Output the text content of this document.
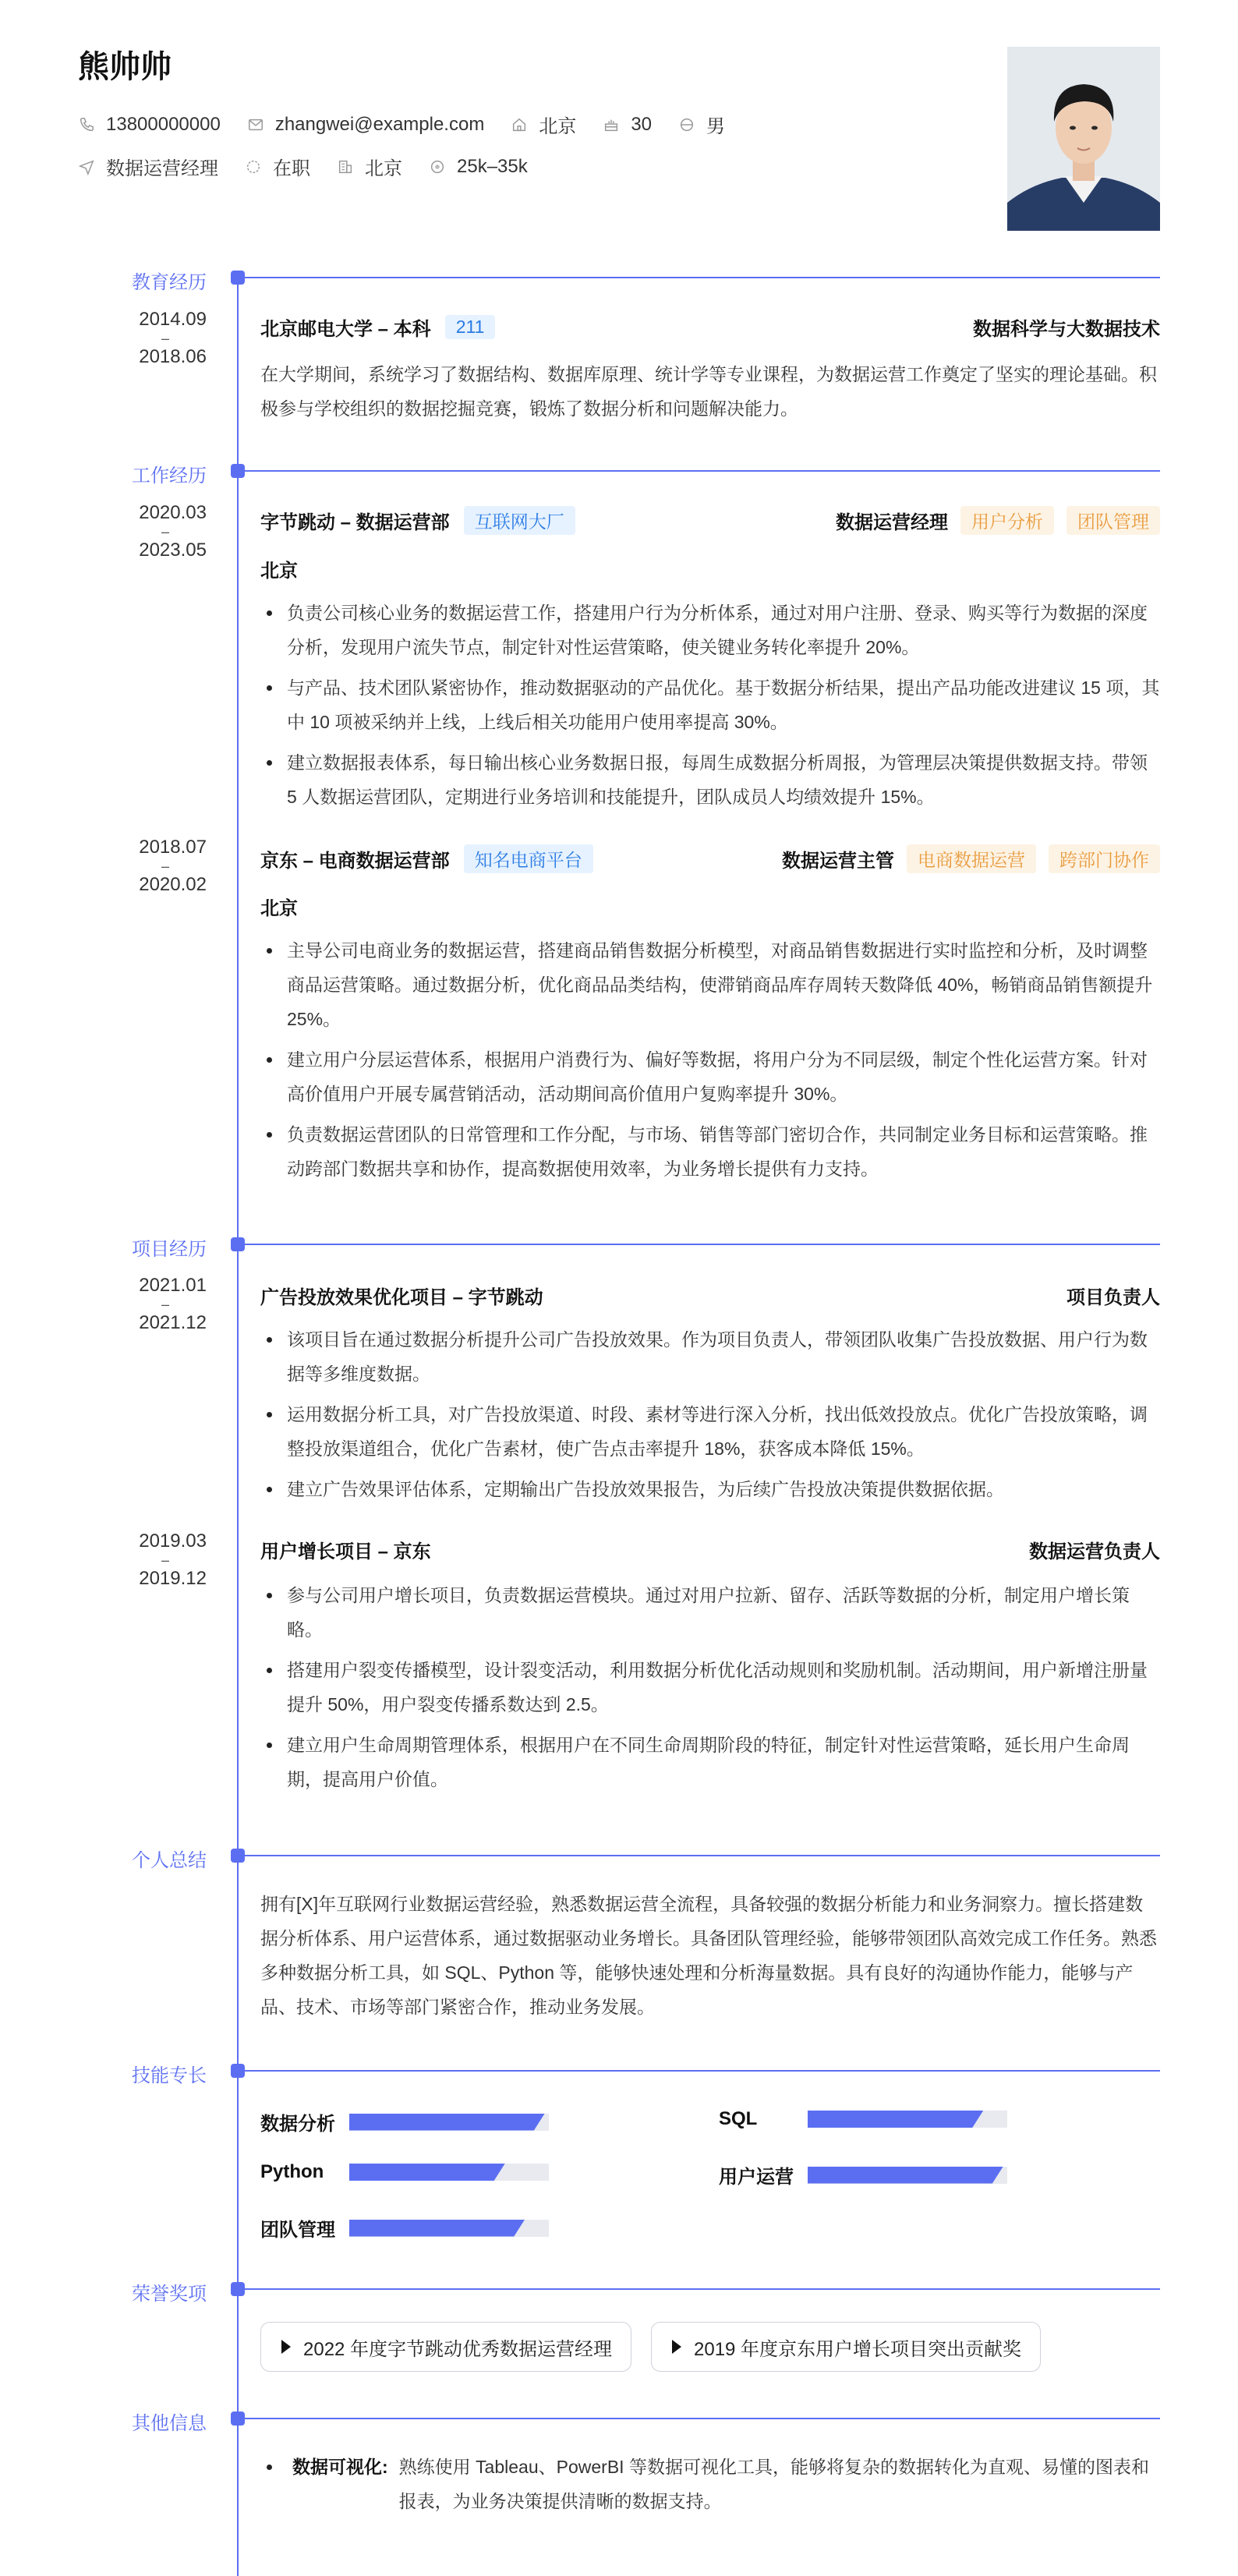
熊帅帅
13800000000	zhangwei@example.com	北京	30	男
数据运营经理	在职	北京	25k–35k
教育经历
2014.09
–
2018.06
北京邮电大学 – 本科	211	数据科学与大数据技术
在大学期间，系统学习了数据结构、数据库原理、统计学等专业课程，为数据运营工作奠定了坚实的理论基础。积极参与学校组织的数据挖掘竞赛，锻炼了数据分析和问题解决能力。
工作经历
2020.03
–
2023.05
字节跳动 – 数据运营部	互联网大厂	数据运营经理	用户分析	团队管理
北京
负责公司核心业务的数据运营工作，搭建用户行为分析体系，通过对用户注册、登录、购买等行为数据的深度分析，发现用户流失节点，制定针对性运营策略，使关键业务转化率提升 20%。
与产品、技术团队紧密协作，推动数据驱动的产品优化。基于数据分析结果，提出产品功能改进建议 15 项，其中 10 项被采纳并上线，上线后相关功能用户使用率提高 30%。
建立数据报表体系，每日输出核心业务数据日报，每周生成数据分析周报，为管理层决策提供数据支持。带领 5 人数据运营团队，定期进行业务培训和技能提升，团队成员人均绩效提升 15%。
2018.07
–
2020.02
京东 – 电商数据运营部	知名电商平台	数据运营主管	电商数据运营	跨部门协作
北京
主导公司电商业务的数据运营，搭建商品销售数据分析模型，对商品销售数据进行实时监控和分析，及时调整商品运营策略。通过数据分析，优化商品品类结构，使滞销商品库存周转天数降低 40%，畅销商品销售额提升 25%。
建立用户分层运营体系，根据用户消费行为、偏好等数据，将用户分为不同层级，制定个性化运营方案。针对高价值用户开展专属营销活动，活动期间高价值用户复购率提升 30%。
负责数据运营团队的日常管理和工作分配，与市场、销售等部门密切合作，共同制定业务目标和运营策略。推动跨部门数据共享和协作，提高数据使用效率，为业务增长提供有力支持。
项目经历
2021.01
–
2021.12
广告投放效果优化项目 – 字节跳动	项目负责人
该项目旨在通过数据分析提升公司广告投放效果。作为项目负责人，带领团队收集广告投放数据、用户行为数据等多维度数据。
运用数据分析工具，对广告投放渠道、时段、素材等进行深入分析，找出低效投放点。优化广告投放策略，调整投放渠道组合，优化广告素材，使广告点击率提升 18%，获客成本降低 15%。
建立广告效果评估体系，定期输出广告投放效果报告，为后续广告投放决策提供数据依据。
2019.03
–
2019.12
用户增长项目 – 京东	数据运营负责人
参与公司用户增长项目，负责数据运营模块。通过对用户拉新、留存、活跃等数据的分析，制定用户增长策略。
搭建用户裂变传播模型，设计裂变活动，利用数据分析优化活动规则和奖励机制。活动期间，用户新增注册量提升 50%，用户裂变传播系数达到 2.5。
建立用户生命周期管理体系，根据用户在不同生命周期阶段的特征，制定针对性运营策略，延长用户生命周期，提高用户价值。
个人总结
拥有[X]年互联网行业数据运营经验，熟悉数据运营全流程，具备较强的数据分析能力和业务洞察力。擅长搭建数据分析体系、用户运营体系，通过数据驱动业务增长。具备团队管理经验，能够带领团队高效完成工作任务。熟悉多种数据分析工具，如 SQL、Python 等，能够快速处理和分析海量数据。具有良好的沟通协作能力，能够与产品、技术、市场等部门紧密合作，推动业务发展。
技能专长
数据分析	SQL
Python	用户运营
团队管理
荣誉奖项
2022 年度字节跳动优秀数据运营经理	2019 年度京东用户增长项目突出贡献奖
其他信息
数据可视化: 熟练使用 Tableau、PowerBI 等数据可视化工具，能够将复杂的数据转化为直观、易懂的图表和报表，为业务决策提供清晰的数据支持。
